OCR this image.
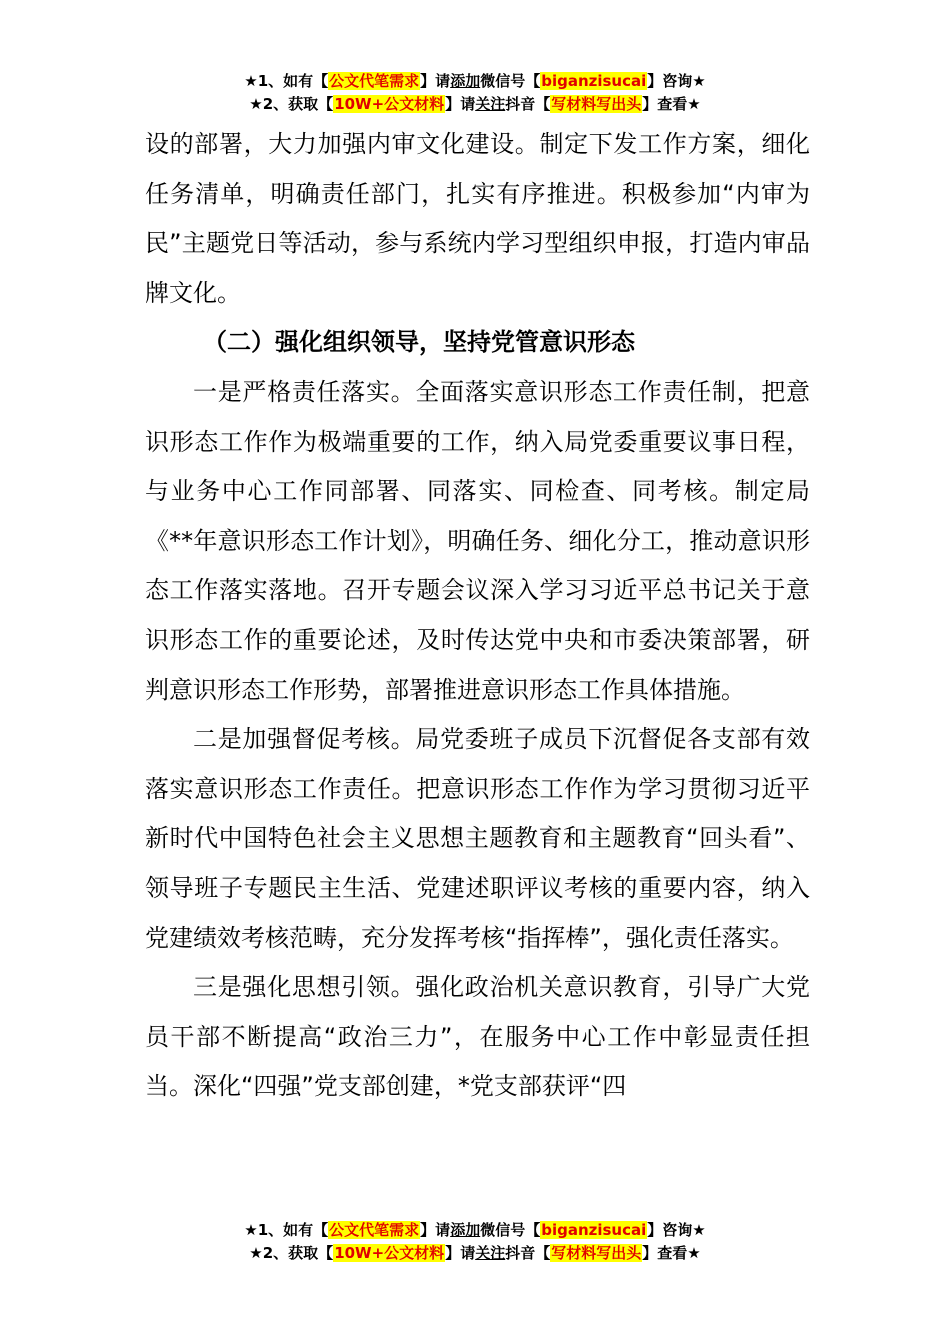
★1、如有【公文代笔需求】请添加微信号【biganzisucai】咨询★
★2、获取【10W+公文材料】请关注抖音【写材料写出头】查看★

设的部署，大力加强内审文化建设。制定下发工作方案，细化任务清单，明确责任部门，扎实有序推进。积极参加“内审为民”主题党日等活动，参与系统内学习型组织申报，打造内审品牌文化。

（二）强化组织领导，坚持党管意识形态

一是严格责任落实。全面落实意识形态工作责任制，把意识形态工作作为极端重要的工作，纳入局党委重要议事日程，与业务中心工作同部署、同落实、同检查、同考核。制定局《**年意识形态工作计划》，明确任务、细化分工，推动意识形态工作落实落地。召开专题会议深入学习习近平总书记关于意识形态工作的重要论述，及时传达党中央和市委决策部署，研判意识形态工作形势，部署推进意识形态工作具体措施。

二是加强督促考核。局党委班子成员下沉督促各支部有效落实意识形态工作责任。把意识形态工作作为学习贯彻习近平新时代中国特色社会主义思想主题教育和主题教育“回头看”、领导班子专题民主生活、党建述职评议考核的重要内容，纳入党建绩效考核范畴，充分发挥考核“指挥棒”，强化责任落实。

三是强化思想引领。强化政治机关意识教育，引导广大党员干部不断提高“政治三力”，在服务中心工作中彰显责任担当。深化“四强”党支部创建，*党支部获评“四

★1、如有【公文代笔需求】请添加微信号【biganzisucai】咨询★
★2、获取【10W+公文材料】请关注抖音【写材料写出头】查看★
